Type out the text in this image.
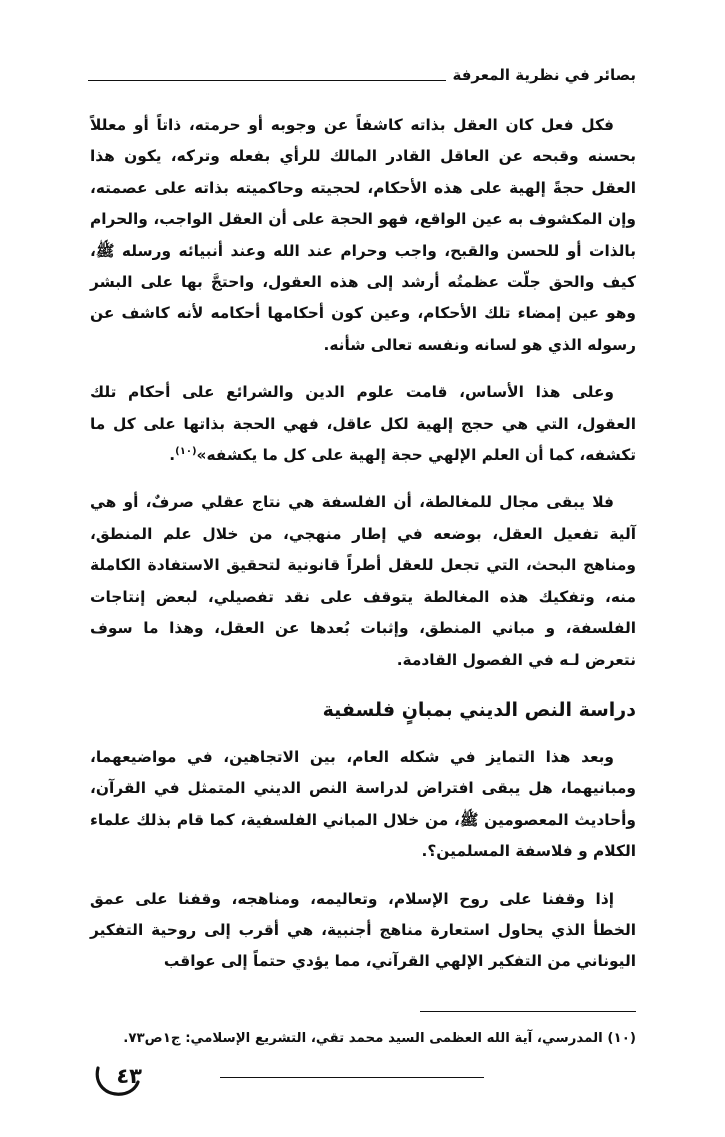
بصائر في نظرية المعرفة

فكل فعل كان العقل بذاته كاشفاً عن وجوبه أو حرمته، ذاتاً أو معللاً بحسنه وقبحه عن العاقل القادر المالك للرأي بفعله وتركه، يكون هذا العقل حجةً إلهية على هذه الأحكام، لحجيته وحاكميته بذاته على عصمته، وإن المكشوف به عين الواقع، فهو الحجة على أن العقل الواجب، والحرام بالذات أو للحسن والقبح، واجب وحرام عند الله وعند أنبيائه ورسله ﷺ، كيف والحق جلّت عظمتُه أرشد إلى هذه العقول، واحتجَّ بها على البشر وهو عين إمضاء تلك الأحكام، وعين كون أحكامها أحكامه لأنه كاشف عن رسوله الذي هو لسانه ونفسه تعالى شأنه.

وعلى هذا الأساس، قامت علوم الدين والشرائع على أحكام تلك العقول، التي هي حجج إلهية لكل عاقل، فهي الحجة بذاتها على كل ما تكشفه، كما أن العلم الإلهي حجة إلهية على كل ما يكشفه»$^{(١٠)}$.

فلا يبقى مجال للمغالطة، أن الفلسفة هي نتاج عقلي صرفٌ، أو هي آلية تفعيل العقل، بوضعه في إطار منهجي، من خلال علم المنطق، ومناهج البحث، التي تجعل للعقل أطراً قانونية لتحقيق الاستفادة الكاملة منه، وتفكيك هذه المغالطة يتوقف على نقد تفصيلي، لبعض إنتاجات الفلسفة، و مباني المنطق، وإثبات بُعدها عن العقل، وهذا ما سوف نتعرض لـه في الفصول القادمة.

دراسة النص الديني بمبانٍ فلسفية

وبعد هذا التمايز في شكله العام، بين الاتجاهين، في مواضيعهما، ومبانيهما، هل يبقى افتراض لدراسة النص الديني المتمثل في القرآن، وأحاديث المعصومين ﷺ، من خلال المباني الفلسفية، كما قام بذلك علماء الكلام و فلاسفة المسلمين؟.

إذا وقفنا على روح الإسلام، وتعاليمه، ومناهجه، وقفنا على عمق الخطأ الذي يحاول استعارة مناهج أجنبية، هي أقرب إلى روحية التفكير اليوناني من التفكير الإلهي القرآني، مما يؤدي حتماً إلى عواقب

(١٠) المدرسي، آية الله العظمى السيد محمد تقي، التشريع الإسلامي: ج١ص٧٣.
٤٣
